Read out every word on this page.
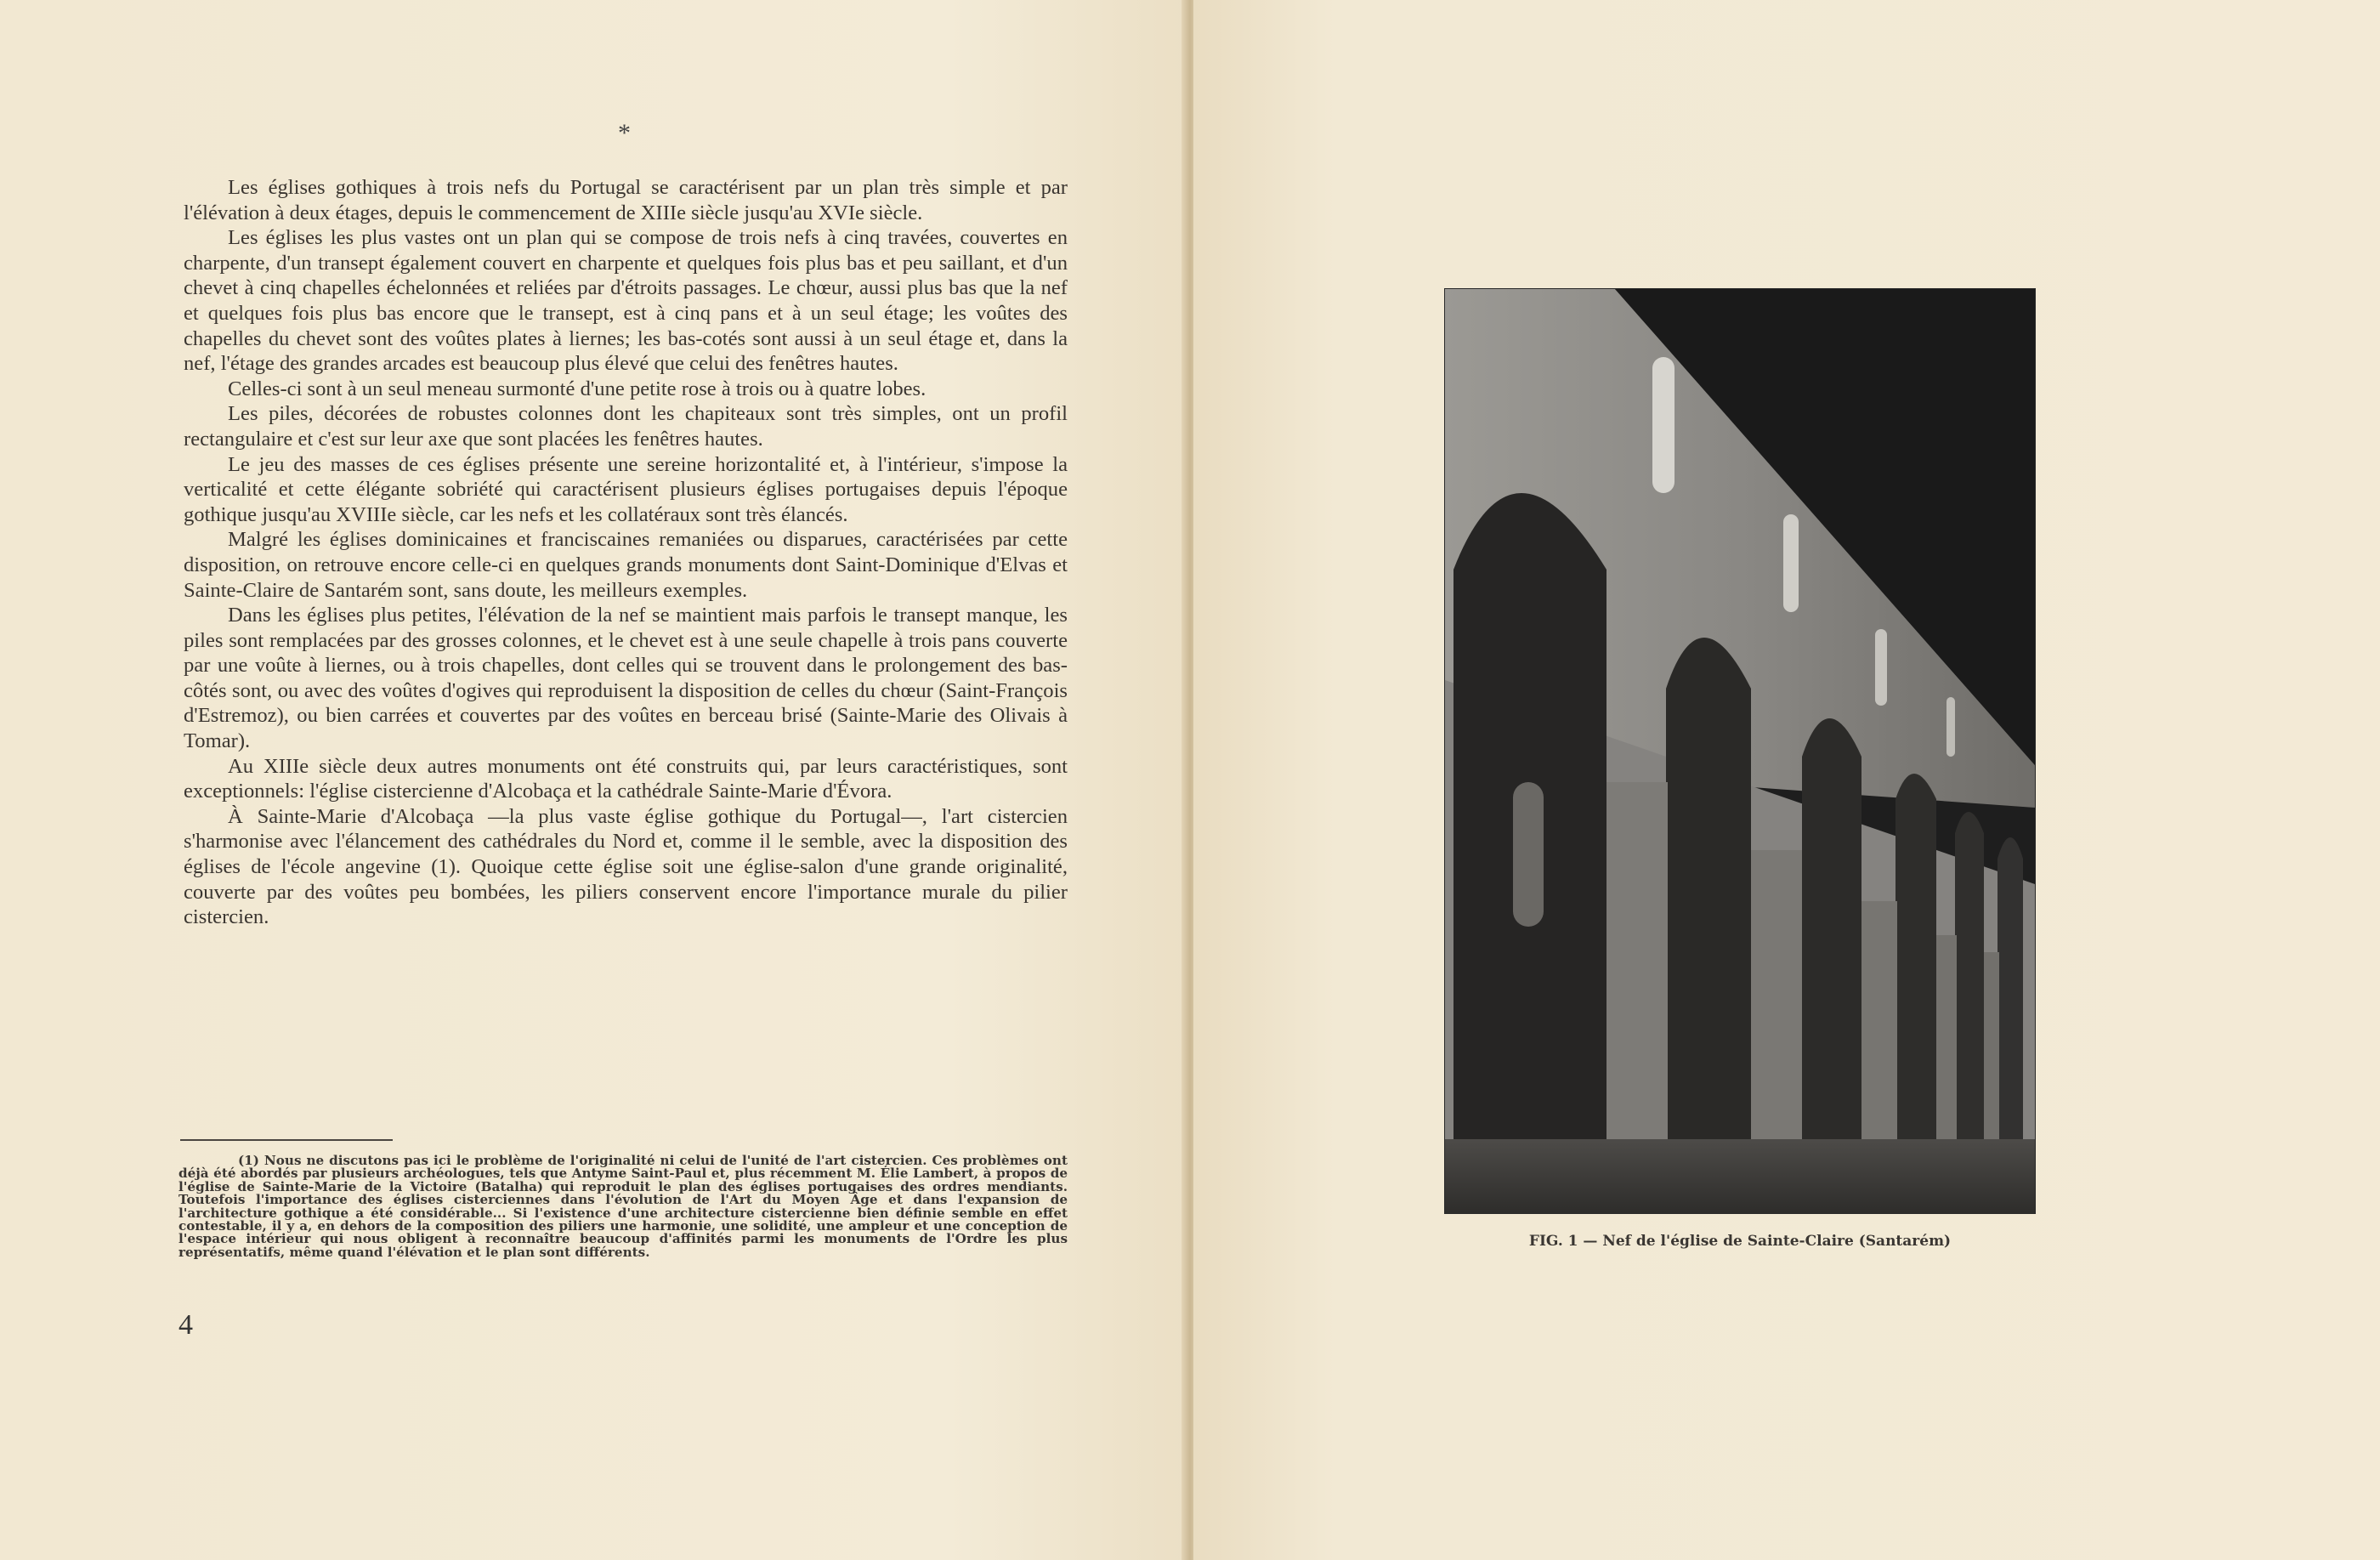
*

Les églises gothiques à trois nefs du Portugal se caractérisent par un plan très simple et par l'élévation à deux étages, depuis le commencement de XIIIe siècle jusqu'au XVIe siècle.

Les églises les plus vastes ont un plan qui se compose de trois nefs à cinq travées, couvertes en charpente, d'un transept également couvert en charpente et quelques fois plus bas et peu saillant, et d'un chevet à cinq chapelles échelonnées et reliées par d'étroits passages. Le chœur, aussi plus bas que la nef et quelques fois plus bas encore que le transept, est à cinq pans et à un seul étage; les voûtes des chapelles du chevet sont des voûtes plates à liernes; les bas-cotés sont aussi à un seul étage et, dans la nef, l'étage des grandes arcades est beaucoup plus élevé que celui des fenêtres hautes.

Celles-ci sont à un seul meneau surmonté d'une petite rose à trois ou à quatre lobes.

Les piles, décorées de robustes colonnes dont les chapiteaux sont très simples, ont un profil rectangulaire et c'est sur leur axe que sont placées les fenêtres hautes.

Le jeu des masses de ces églises présente une sereine horizontalité et, à l'intérieur, s'impose la verticalité et cette élégante sobriété qui caractérisent plusieurs églises portugaises depuis l'époque gothique jusqu'au XVIIIe siècle, car les nefs et les collatéraux sont très élancés.

Malgré les églises dominicaines et franciscaines remaniées ou disparues, caractérisées par cette disposition, on retrouve encore celle-ci en quelques grands monuments dont Saint-Dominique d'Elvas et Sainte-Claire de Santarém sont, sans doute, les meilleurs exemples.

Dans les églises plus petites, l'élévation de la nef se maintient mais parfois le transept manque, les piles sont remplacées par des grosses colonnes, et le chevet est à une seule chapelle à trois pans couverte par une voûte à liernes, ou à trois chapelles, dont celles qui se trouvent dans le prolongement des bas-côtés sont, ou avec des voûtes d'ogives qui reproduisent la disposition de celles du chœur (Saint-François d'Estremoz), ou bien carrées et couvertes par des voûtes en berceau brisé (Sainte-Marie des Olivais à Tomar).

Au XIIIe siècle deux autres monuments ont été construits qui, par leurs caractéristiques, sont exceptionnels: l'église cistercienne d'Alcobaça et la cathédrale Sainte-Marie d'Évora.

À Sainte-Marie d'Alcobaça —la plus vaste église gothique du Portugal—, l'art cistercien s'harmonise avec l'élancement des cathédrales du Nord et, comme il le semble, avec la disposition des églises de l'école angevine (1). Quoique cette église soit une église-salon d'une grande originalité, couverte par des voûtes peu bombées, les piliers conservent encore l'importance murale du pilier cistercien.

(1) Nous ne discutons pas ici le problème de l'originalité ni celui de l'unité de l'art cistercien. Ces problèmes ont déjà été abordés par plusieurs archéologues, tels que Antyme Saint-Paul et, plus récemment M. Élie Lambert, à propos de l'église de Sainte-Marie de la Victoire (Batalha) qui reproduit le plan des églises portugaises des ordres mendiants. Toutefois l'importance des églises cisterciennes dans l'évolution de l'Art du Moyen Âge et dans l'expansion de l'architecture gothique a été considérable... Si l'existence d'une architecture cistercienne bien définie semble en effet contestable, il y a, en dehors de la composition des piliers une harmonie, une solidité, une ampleur et une conception de l'espace intérieur qui nous obligent à reconnaître beaucoup d'affinités parmi les monuments de l'Ordre les plus représentatifs, même quand l'élévation et le plan sont différents.
4
FIG. 1 — Nef de l'église de Sainte-Claire (Santarém)
